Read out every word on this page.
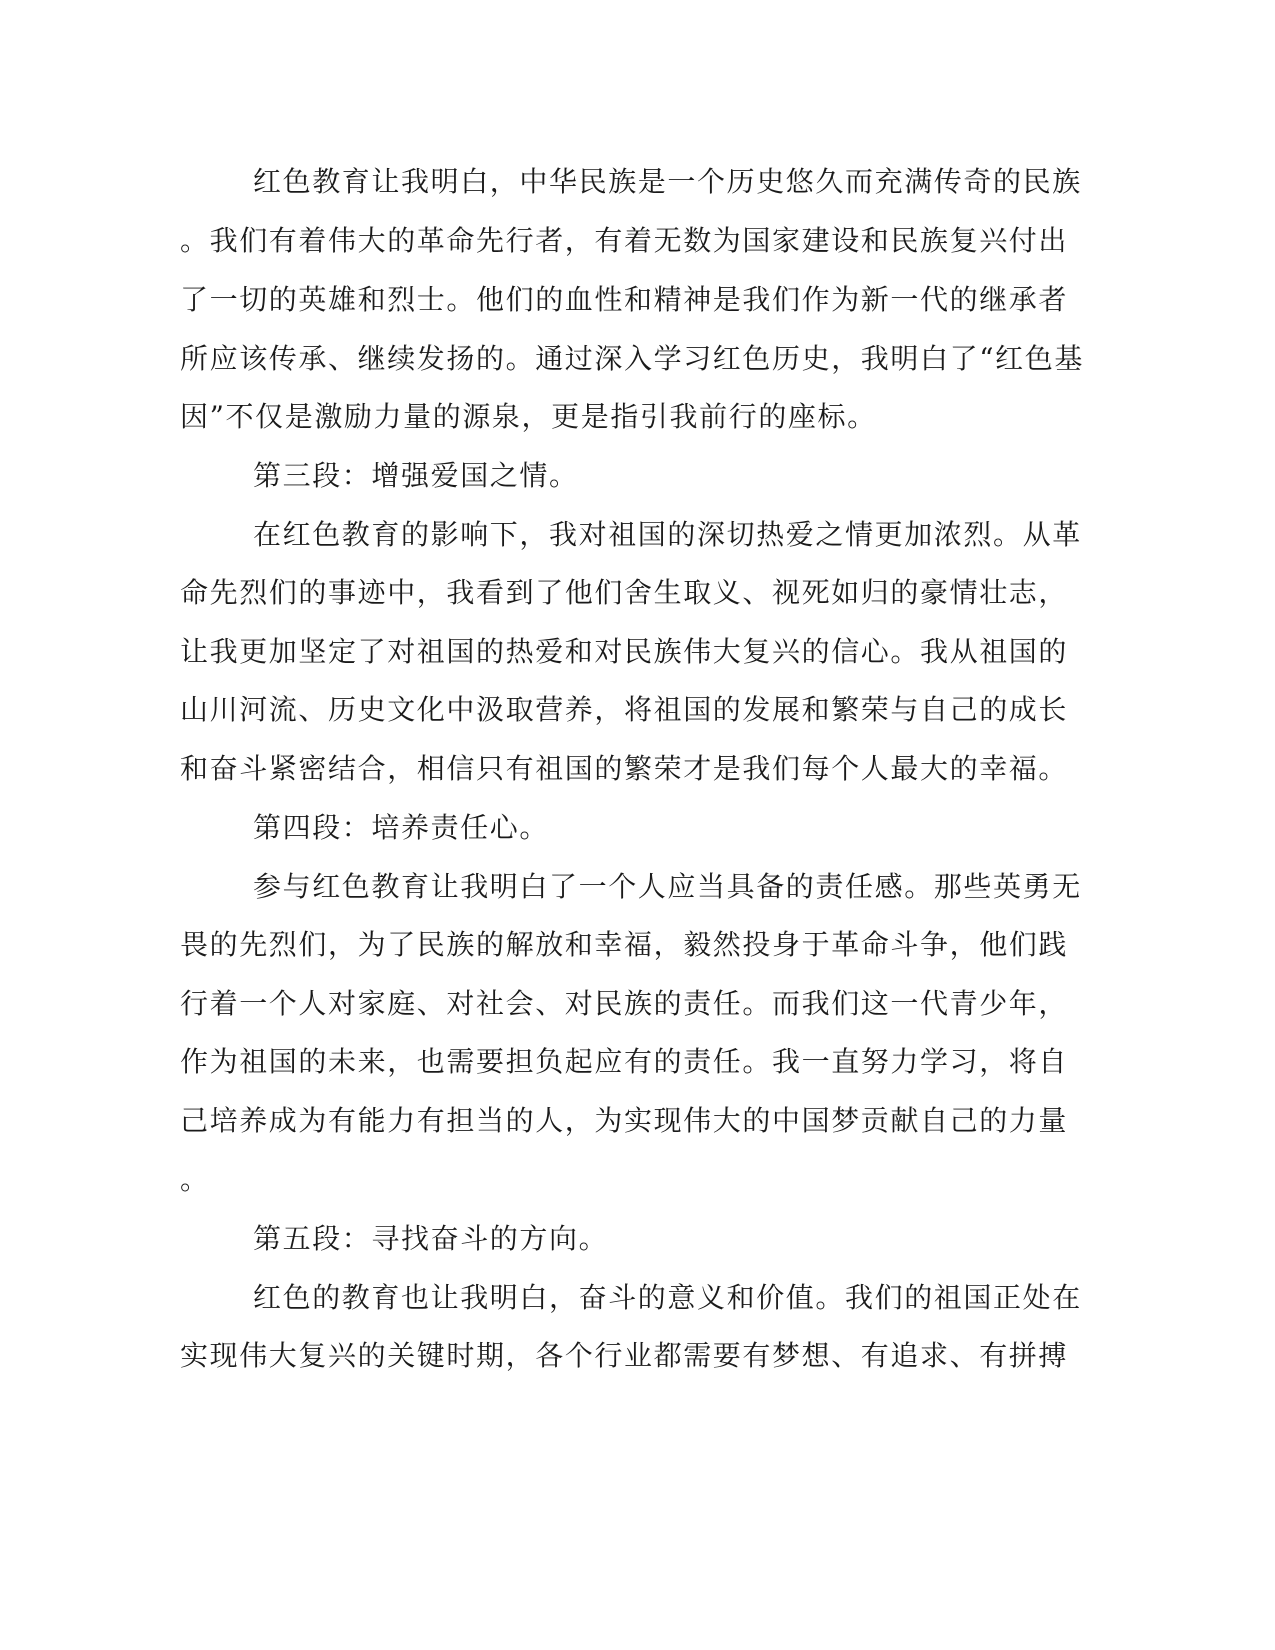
红色教育让我明白，中华民族是一个历史悠久而充满传奇的民族
。我们有着伟大的革命先行者，有着无数为国家建设和民族复兴付出
了一切的英雄和烈士。他们的血性和精神是我们作为新一代的继承者
所应该传承、继续发扬的。通过深入学习红色历史，我明白了“红色基
因”不仅是激励力量的源泉，更是指引我前行的座标。
第三段：增强爱国之情。
在红色教育的影响下，我对祖国的深切热爱之情更加浓烈。从革
命先烈们的事迹中，我看到了他们舍生取义、视死如归的豪情壮志，
让我更加坚定了对祖国的热爱和对民族伟大复兴的信心。我从祖国的
山川河流、历史文化中汲取营养，将祖国的发展和繁荣与自己的成长
和奋斗紧密结合，相信只有祖国的繁荣才是我们每个人最大的幸福。
第四段：培养责任心。
参与红色教育让我明白了一个人应当具备的责任感。那些英勇无
畏的先烈们，为了民族的解放和幸福，毅然投身于革命斗争，他们践
行着一个人对家庭、对社会、对民族的责任。而我们这一代青少年，
作为祖国的未来，也需要担负起应有的责任。我一直努力学习，将自
己培养成为有能力有担当的人，为实现伟大的中国梦贡献自己的力量
。
第五段：寻找奋斗的方向。
红色的教育也让我明白，奋斗的意义和价值。我们的祖国正处在
实现伟大复兴的关键时期，各个行业都需要有梦想、有追求、有拼搏
